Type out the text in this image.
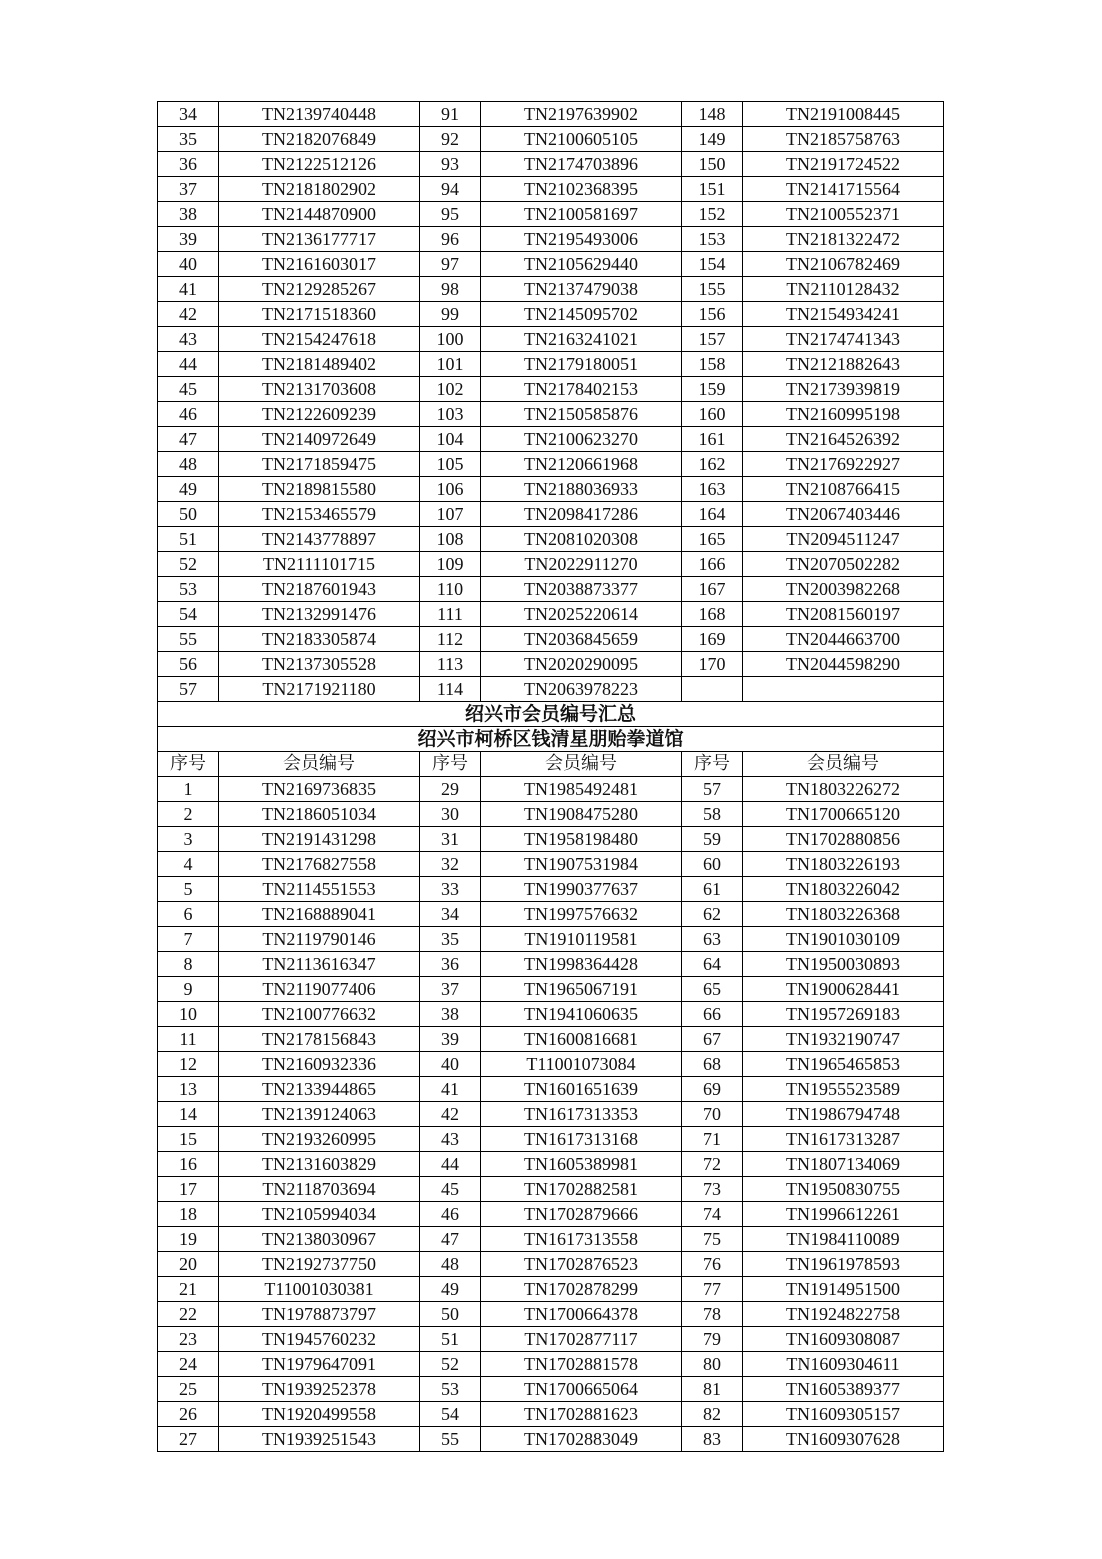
34	TN2139740448	91	TN2197639902	148	TN2191008445
35	TN2182076849	92	TN2100605105	149	TN2185758763
36	TN2122512126	93	TN2174703896	150	TN2191724522
37	TN2181802902	94	TN2102368395	151	TN2141715564
38	TN2144870900	95	TN2100581697	152	TN2100552371
39	TN2136177717	96	TN2195493006	153	TN2181322472
40	TN2161603017	97	TN2105629440	154	TN2106782469
41	TN2129285267	98	TN2137479038	155	TN2110128432
42	TN2171518360	99	TN2145095702	156	TN2154934241
43	TN2154247618	100	TN2163241021	157	TN2174741343
44	TN2181489402	101	TN2179180051	158	TN2121882643
45	TN2131703608	102	TN2178402153	159	TN2173939819
46	TN2122609239	103	TN2150585876	160	TN2160995198
47	TN2140972649	104	TN2100623270	161	TN2164526392
48	TN2171859475	105	TN2120661968	162	TN2176922927
49	TN2189815580	106	TN2188036933	163	TN2108766415
50	TN2153465579	107	TN2098417286	164	TN2067403446
51	TN2143778897	108	TN2081020308	165	TN2094511247
52	TN2111101715	109	TN2022911270	166	TN2070502282
53	TN2187601943	110	TN2038873377	167	TN2003982268
54	TN2132991476	111	TN2025220614	168	TN2081560197
55	TN2183305874	112	TN2036845659	169	TN2044663700
56	TN2137305528	113	TN2020290095	170	TN2044598290
57	TN2171921180	114	TN2063978223		
绍兴市会员编号汇总					
绍兴市柯桥区钱清星朋贻拳道馆					
序号	会员编号	序号	会员编号	序号	会员编号
1	TN2169736835	29	TN1985492481	57	TN1803226272
2	TN2186051034	30	TN1908475280	58	TN1700665120
3	TN2191431298	31	TN1958198480	59	TN1702880856
4	TN2176827558	32	TN1907531984	60	TN1803226193
5	TN2114551553	33	TN1990377637	61	TN1803226042
6	TN2168889041	34	TN1997576632	62	TN1803226368
7	TN2119790146	35	TN1910119581	63	TN1901030109
8	TN2113616347	36	TN1998364428	64	TN1950030893
9	TN2119077406	37	TN1965067191	65	TN1900628441
10	TN2100776632	38	TN1941060635	66	TN1957269183
11	TN2178156843	39	TN1600816681	67	TN1932190747
12	TN2160932336	40	T11001073084	68	TN1965465853
13	TN2133944865	41	TN1601651639	69	TN1955523589
14	TN2139124063	42	TN1617313353	70	TN1986794748
15	TN2193260995	43	TN1617313168	71	TN1617313287
16	TN2131603829	44	TN1605389981	72	TN1807134069
17	TN2118703694	45	TN1702882581	73	TN1950830755
18	TN2105994034	46	TN1702879666	74	TN1996612261
19	TN2138030967	47	TN1617313558	75	TN1984110089
20	TN2192737750	48	TN1702876523	76	TN1961978593
21	T11001030381	49	TN1702878299	77	TN1914951500
22	TN1978873797	50	TN1700664378	78	TN1924822758
23	TN1945760232	51	TN1702877117	79	TN1609308087
24	TN1979647091	52	TN1702881578	80	TN1609304611
25	TN1939252378	53	TN1700665064	81	TN1605389377
26	TN1920499558	54	TN1702881623	82	TN1609305157
27	TN1939251543	55	TN1702883049	83	TN1609307628
